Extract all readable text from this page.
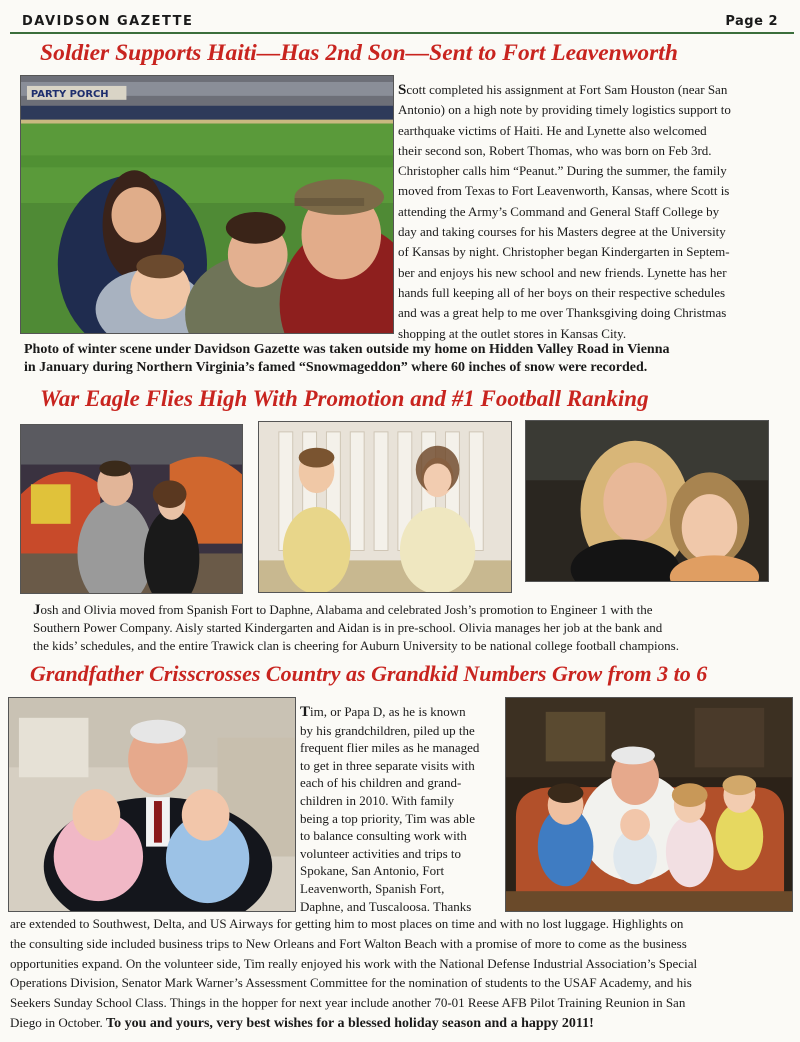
DAVIDSON GAZETTE	Page 2
Soldier Supports Haiti—Has 2nd Son—Sent to Fort Leavenworth
PARTY PORCH	Scott completed his assignment at Fort Sam Houston (near San
Antonio) on a high note by providing timely logistics support to
earthquake victims of Haiti. He and Lynette also welcomed
their second son, Robert Thomas, who was born on Feb 3rd.
Christopher calls him “Peanut.” During the summer, the family
moved from Texas to Fort Leavenworth, Kansas, where Scott is
attending the Army’s Command and General Staff College by
day and taking courses for his Masters degree at the University
of Kansas by night. Christopher began Kindergarten in Septem-
ber and enjoys his new school and new friends. Lynette has her
hands full keeping all of her boys on their respective schedules
and was a great help to me over Thanksgiving doing Christmas
shopping at the outlet stores in Kansas City.
Photo of winter scene under Davidson Gazette was taken outside my home on Hidden Valley Road in Vienna
in January during Northern Virginia’s famed “Snowmageddon” where 60 inches of snow were recorded.
War Eagle Flies High With Promotion and #1 Football Ranking
Josh and Olivia moved from Spanish Fort to Daphne, Alabama and celebrated Josh’s promotion to Engineer 1 with the
Southern Power Company. Aisly started Kindergarten and Aidan is in pre-school. Olivia manages her job at the bank and
the kids’ schedules, and the entire Trawick clan is cheering for Auburn University to be national college football champions.
Grandfather Crisscrosses Country as Grandkid Numbers Grow from 3 to 6
Tim, or Papa D, as he is known
by his grandchildren, piled up the
frequent flier miles as he managed
to get in three separate visits with
each of his children and grand-
children in 2010. With family
being a top priority, Tim was able
to balance consulting work with
volunteer activities and trips to
Spokane, San Antonio, Fort
Leavenworth, Spanish Fort,
Daphne, and Tuscaloosa. Thanks
are extended to Southwest, Delta, and US Airways for getting him to most places on time and with no lost luggage. Highlights on
the consulting side included business trips to New Orleans and Fort Walton Beach with a promise of more to come as the business
opportunities expand. On the volunteer side, Tim really enjoyed his work with the National Defense Industrial Association’s Special
Operations Division, Senator Mark Warner’s Assessment Committee for the nomination of students to the USAF Academy, and his
Seekers Sunday School Class. Things in the hopper for next year include another 70-01 Reese AFB Pilot Training Reunion in San
Diego in October. To you and yours, very best wishes for a blessed holiday season and a happy 2011!
